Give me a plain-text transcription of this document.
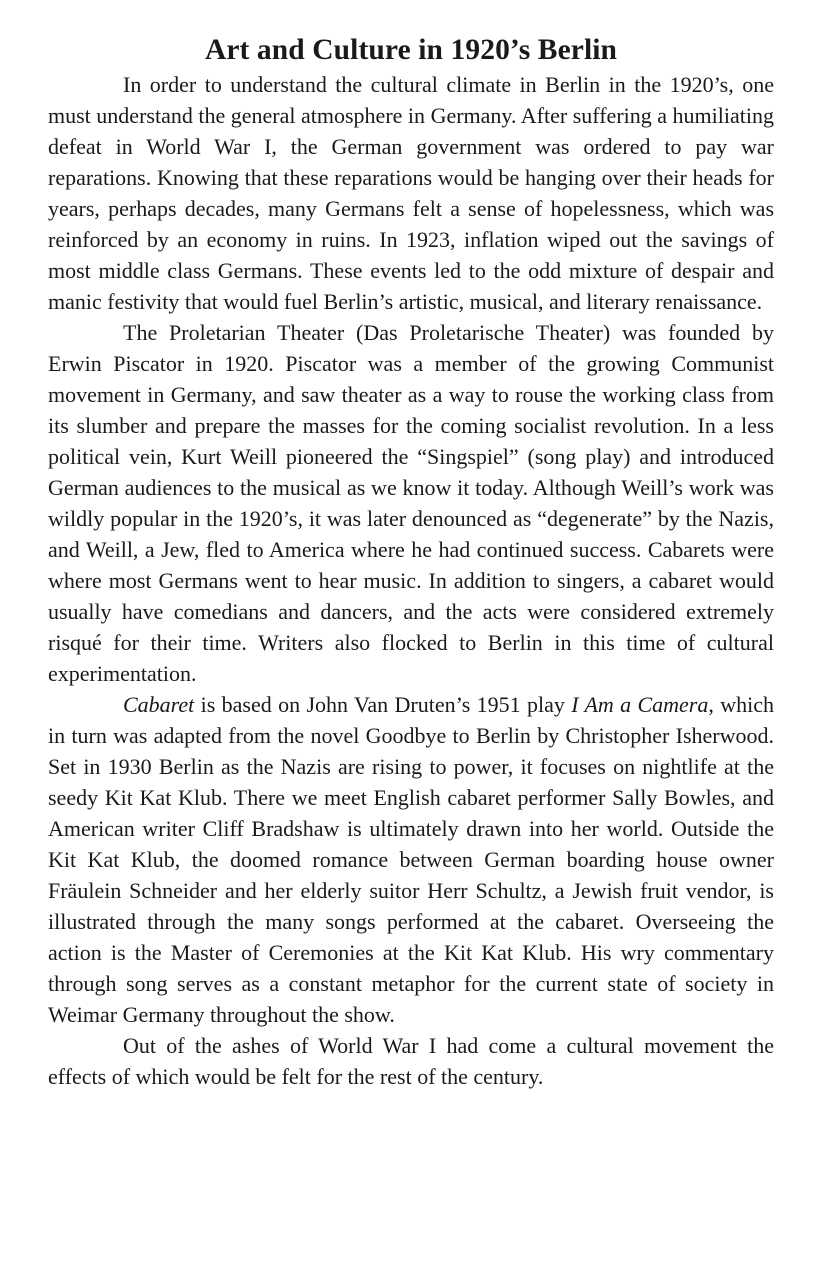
Art and Culture in 1920’s Berlin

In order to understand the cultural climate in Berlin in the 1920’s, one must understand the general atmosphere in Germany. After suffering a humiliating defeat in World War I, the German government was ordered to pay war reparations. Knowing that these reparations would be hanging over their heads for years, perhaps decades, many Germans felt a sense of hopelessness, which was reinforced by an economy in ruins. In 1923, inflation wiped out the savings of most middle class Germans. These events led to the odd mixture of despair and manic festivity that would fuel Berlin’s artistic, musical, and literary renaissance.

The Proletarian Theater (Das Proletarische Theater) was founded by Erwin Piscator in 1920. Piscator was a member of the growing Communist movement in Germany, and saw theater as a way to rouse the working class from its slumber and prepare the masses for the coming socialist revolution. In a less political vein, Kurt Weill pioneered the “Singspiel” (song play) and introduced German audiences to the musical as we know it today. Although Weill’s work was wildly popular in the 1920’s, it was later denounced as “degenerate” by the Nazis, and Weill, a Jew, fled to America where he had continued success. Cabarets were where most Germans went to hear music. In addition to singers, a cabaret would usually have comedians and dancers, and the acts were considered extremely risqué for their time. Writers also flocked to Berlin in this time of cultural experimentation.

Cabaret is based on John Van Druten’s 1951 play I Am a Camera, which in turn was adapted from the novel Goodbye to Berlin by Christopher Isherwood. Set in 1930 Berlin as the Nazis are rising to power, it focuses on nightlife at the seedy Kit Kat Klub. There we meet English cabaret performer Sally Bowles, and American writer Cliff Bradshaw is ultimately drawn into her world. Outside the Kit Kat Klub, the doomed romance between German boarding house owner Fräulein Schneider and her elderly suitor Herr Schultz, a Jewish fruit vendor, is illustrated through the many songs performed at the cabaret. Overseeing the action is the Master of Ceremonies at the Kit Kat Klub. His wry commentary through song serves as a constant metaphor for the current state of society in Weimar Germany throughout the show.

Out of the ashes of World War I had come a cultural movement the effects of which would be felt for the rest of the century.
